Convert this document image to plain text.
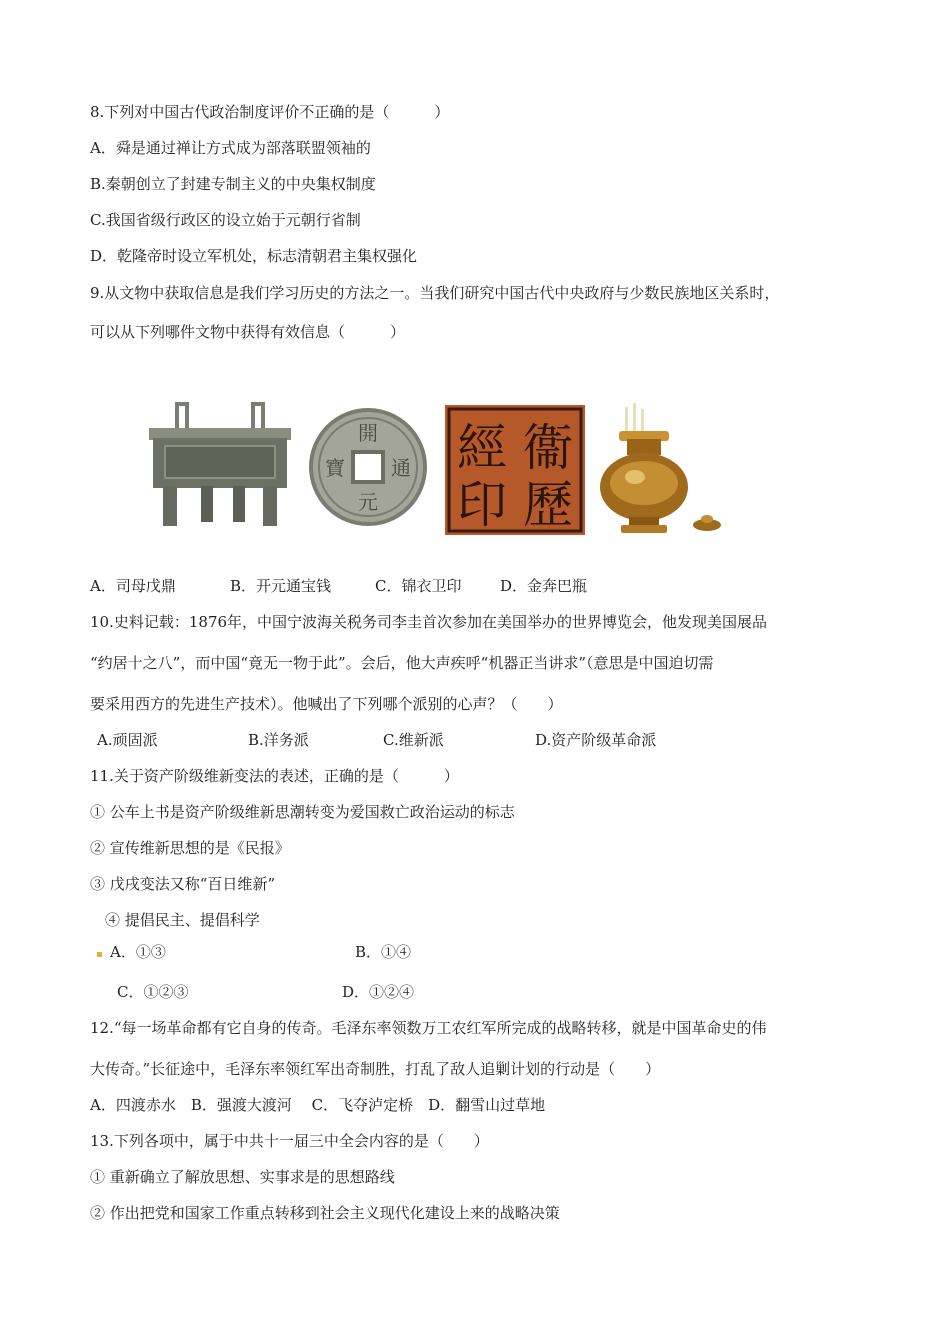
8.下列对中国古代政治制度评价不正确的是（　　　）
A．舜是通过禅让方式成为部落联盟领袖的
B.秦朝创立了封建专制主义的中央集权制度
C.我国省级行政区的设立始于元朝行省制
D．乾隆帝时设立军机处，标志清朝君主集权强化
9.从文物中获取信息是我们学习历史的方法之一。当我们研究中国古代中央政府与少数民族地区关系时，
可以从下列哪件文物中获得有效信息（　　　）
開
通
元
寶	衞
經
印 歷
A．司母戊鼎	B．开元通宝钱	C．锦衣卫印	D．金奔巴瓶
10.史料记载：1876年，中国宁波海关税务司李圭首次参加在美国举办的世界博览会，他发现美国展品
“约居十之八”，而中国“竟无一物于此”。会后，他大声疾呼“机器正当讲求”（意思是中国迫切需
要采用西方的先进生产技术）。他喊出了下列哪个派别的心声？（　　）
A.顽固派	B.洋务派	C.维新派	D.资产阶级革命派
11.关于资产阶级维新变法的表述，正确的是（　　　）
① 公车上书是资产阶级维新思潮转变为爱国救亡政治运动的标志
② 宣传维新思想的是《民报》
③ 戊戌变法又称“百日维新”
④ 提倡民主、提倡科学
A．①③	B．①④
C．①②③	D．①②④
12.“每一场革命都有它自身的传奇。毛泽东率领数万工农红军所完成的战略转移，就是中国革命史的伟
大传奇。”长征途中，毛泽东率领红军出奇制胜，打乱了敌人追剿计划的行动是（　　）
A．四渡赤水　B．强渡大渡河　 C．飞夺泸定桥　D．翻雪山过草地
13.下列各项中，属于中共十一届三中全会内容的是（　　）
① 重新确立了解放思想、实事求是的思想路线
② 作出把党和国家工作重点转移到社会主义现代化建设上来的战略决策
